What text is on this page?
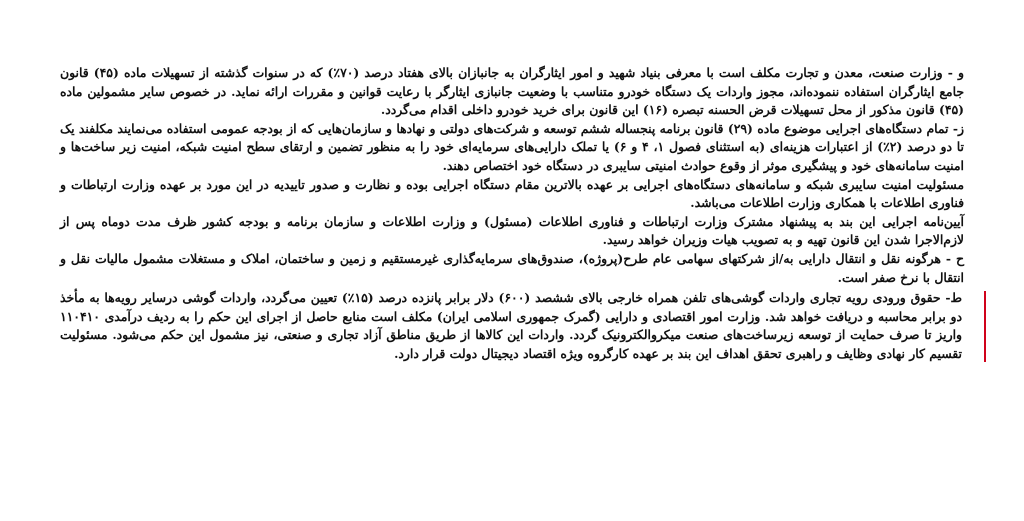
و - وزارت صنعت، معدن و تجارت مکلف است با معرفی بنیاد شهید و امور ایثارگران به جانبازان بالای هفتاد درصد (۷۰٪) که در سنوات گذشته از تسهیلات ماده (۴۵) قانون جامع ایثارگران استفاده ننموده‌اند، مجوز واردات یک دستگاه خودرو متناسب با وضعیت جانبازی ایثارگر با رعایت قوانین و مقررات ارائه نماید. در خصوص سایر مشمولین ماده (۴۵) قانون مذکور از محل تسهیلات قرض الحسنه تبصره (۱۶) این قانون برای خرید خودرو داخلی اقدام می‌گردد.

ز- تمام دستگاه‌های اجرایی موضوع ماده (۲۹) قانون برنامه پنجساله ششم توسعه و شرکت‌های دولتی و نهادها و سازمان‌هایی که از بودجه عمومی استفاده می‌نمایند مکلفند یک تا دو درصد (۲٪) از اعتبارات هزینه‌ای (به استثنای فصول ۱، ۴ و ۶) یا تملک دارایی‌های سرمایه‌ای خود را به منظور تضمین و ارتقای سطح امنیت شبکه، امنیت زیر ساخت‌ها و امنیت سامانه‌های خود و پیشگیری موثر از وقوع حوادث امنیتی سایبری در دستگاه خود اختصاص دهند.

مسئولیت امنیت سایبری شبکه و سامانه‌های دستگاه‌های اجرایی بر عهده بالاترین مقام دستگاه اجرایی بوده و نظارت و صدور تاییدیه در این مورد بر عهده وزارت ارتباطات و فناوری اطلاعات با همکاری وزارت اطلاعات می‌باشد.

آیین‌نامه اجرایی این بند به پیشنهاد مشترک وزارت ارتباطات و فناوری اطلاعات (مسئول) و وزارت اطلاعات و سازمان برنامه و بودجه کشور ظرف مدت دوماه پس از لازم‌الاجرا شدن این قانون تهیه و به تصویب هیات وزیران خواهد رسید.

ح - هرگونه نقل و انتقال دارایی به/از شرکتهای سهامی عام طرح(پروژه)، صندوق‌های سرمایه‌گذاری غیرمستقیم و زمین و ساختمان، املاک و مستغلات مشمول مالیات نقل و انتقال با نرخ صفر است.

ط- حقوق ورودی رویه تجاری واردات گوشی‌های تلفن همراه خارجی بالای ششصد (۶۰۰) دلار برابر پانزده درصد (۱۵٪) تعیین می‌گردد، واردات گوشی درسایر رویه‌ها به مأخذ دو برابر محاسبه و دریافت خواهد شد. وزارت امور اقتصادی و دارایی (گمرک جمهوری اسلامی ایران) مکلف است منابع حاصل از اجرای این حکم را به ردیف درآمدی ۱۱۰۴۱۰ واریز تا صرف حمایت از توسعه زیرساخت‌های صنعت میکروالکترونیک گردد. واردات این کالاها از طریق مناطق آزاد تجاری و صنعتی، نیز مشمول این حکم می‌شود. مسئولیت تقسیم کار نهادی وظایف و راهبری تحقق اهداف این بند بر عهده کارگروه ویژه اقتصاد دیجیتال دولت قرار دارد.
